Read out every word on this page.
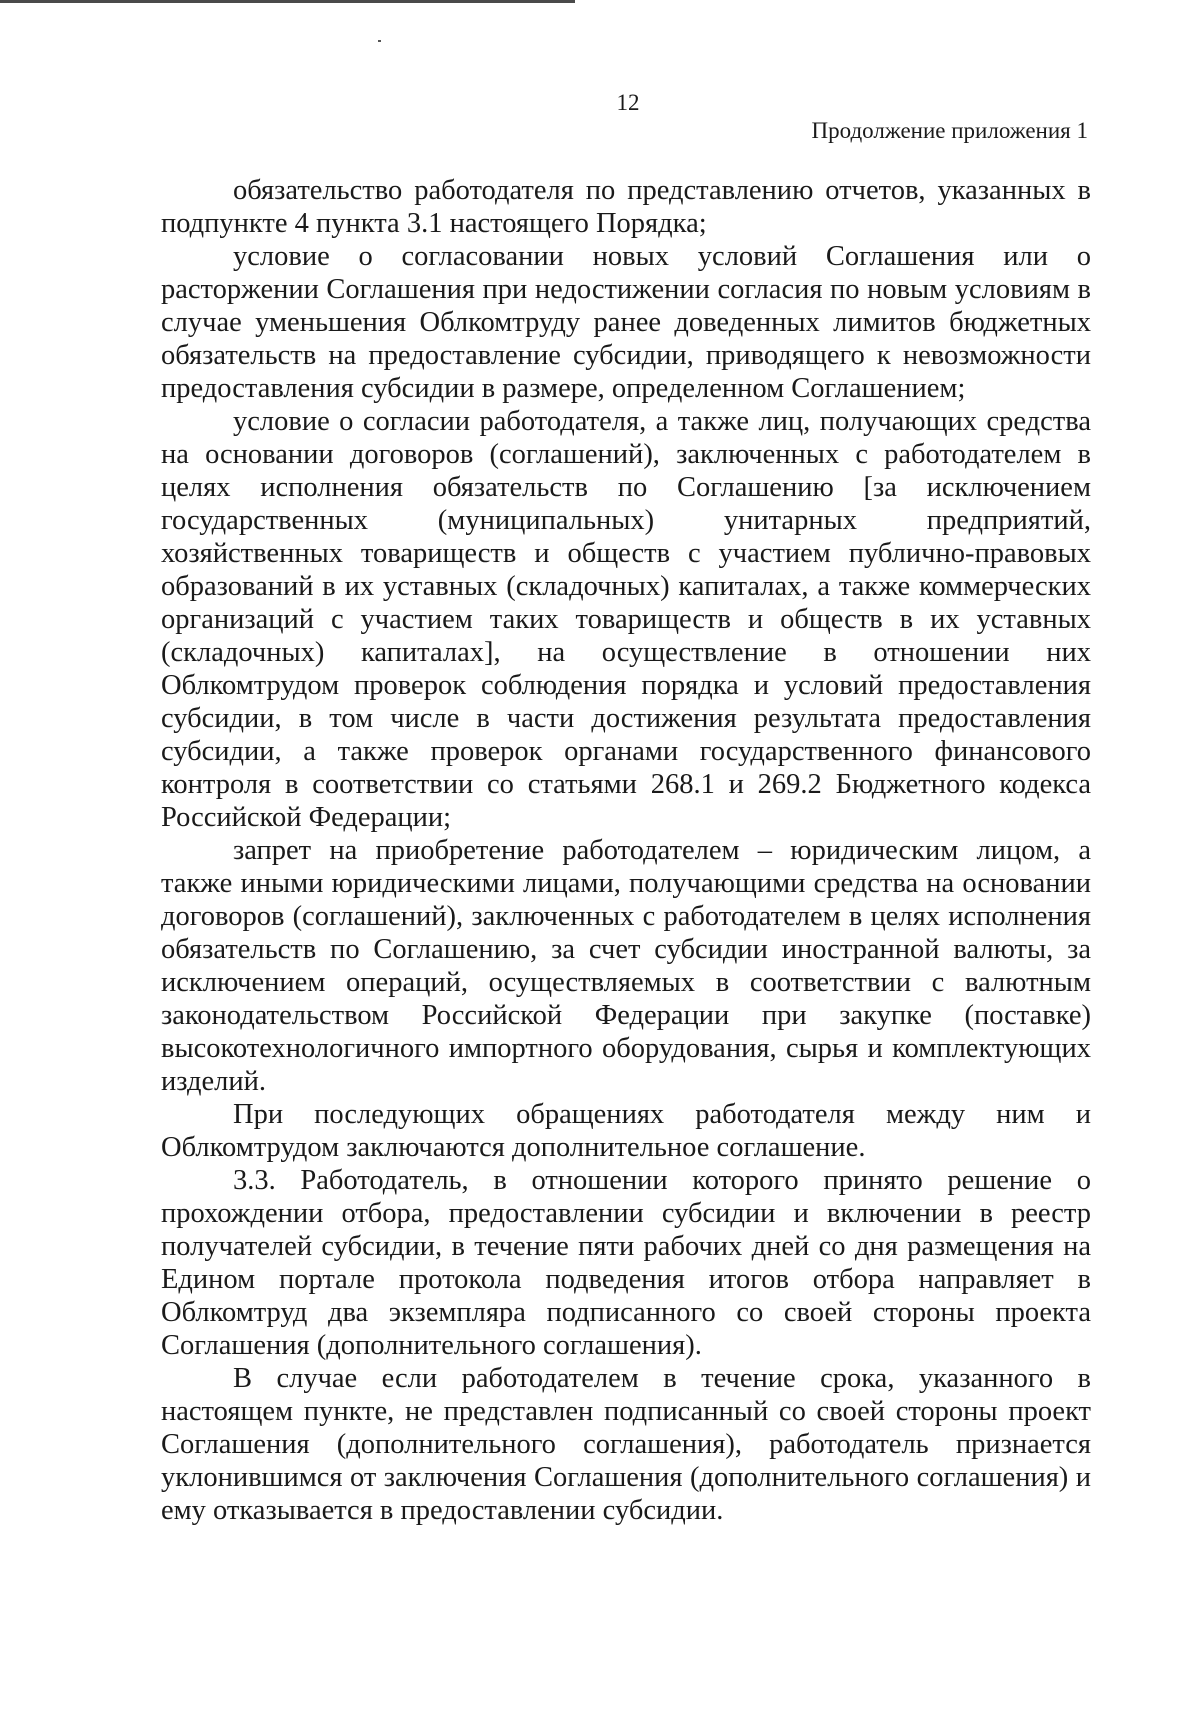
12
Продолжение приложения 1

обязательство работодателя по представлению отчетов, указанных в подпункте 4 пункта 3.1 настоящего Порядка;

условие о согласовании новых условий Соглашения или о расторжении Соглашения при недостижении согласия по новым условиям в случае уменьшения Облкомтруду ранее доведенных лимитов бюджетных обязательств на предоставление субсидии, приводящего к невозможности предоставления субсидии в размере, определенном Соглашением;

условие о согласии работодателя, а также лиц, получающих средства на основании договоров (соглашений), заключенных с работодателем в целях исполнения обязательств по Соглашению [за исключением государственных (муниципальных) унитарных предприятий, хозяйственных товариществ и обществ с участием публично-правовых образований в их уставных (складочных) капиталах, а также коммерческих организаций с участием таких товариществ и обществ в их уставных (складочных) капиталах], на осуществление в отношении них Облкомтрудом проверок соблюдения порядка и условий предоставления субсидии, в том числе в части достижения результата предоставления субсидии, а также проверок органами государственного финансового контроля в соответствии со статьями 268.1 и 269.2 Бюджетного кодекса Российской Федерации;

запрет на приобретение работодателем – юридическим лицом, а также иными юридическими лицами, получающими средства на основании договоров (соглашений), заключенных с работодателем в целях исполнения обязательств по Соглашению, за счет субсидии иностранной валюты, за исключением операций, осуществляемых в соответствии с валютным законодательством Российской Федерации при закупке (поставке) высокотехнологичного импортного оборудования, сырья и комплектующих изделий.

При последующих обращениях работодателя между ним и Облкомтрудом заключаются дополнительное соглашение.

3.3. Работодатель, в отношении которого принято решение о прохождении отбора, предоставлении субсидии и включении в реестр получателей субсидии, в течение пяти рабочих дней со дня размещения на Едином портале протокола подведения итогов отбора направляет в Облкомтруд два экземпляра подписанного со своей стороны проекта Соглашения (дополнительного соглашения).

В случае если работодателем в течение срока, указанного в настоящем пункте, не представлен подписанный со своей стороны проект Соглашения (дополнительного соглашения), работодатель признается уклонившимся от заключения Соглашения (дополнительного соглашения) и ему отказывается в предоставлении субсидии.
